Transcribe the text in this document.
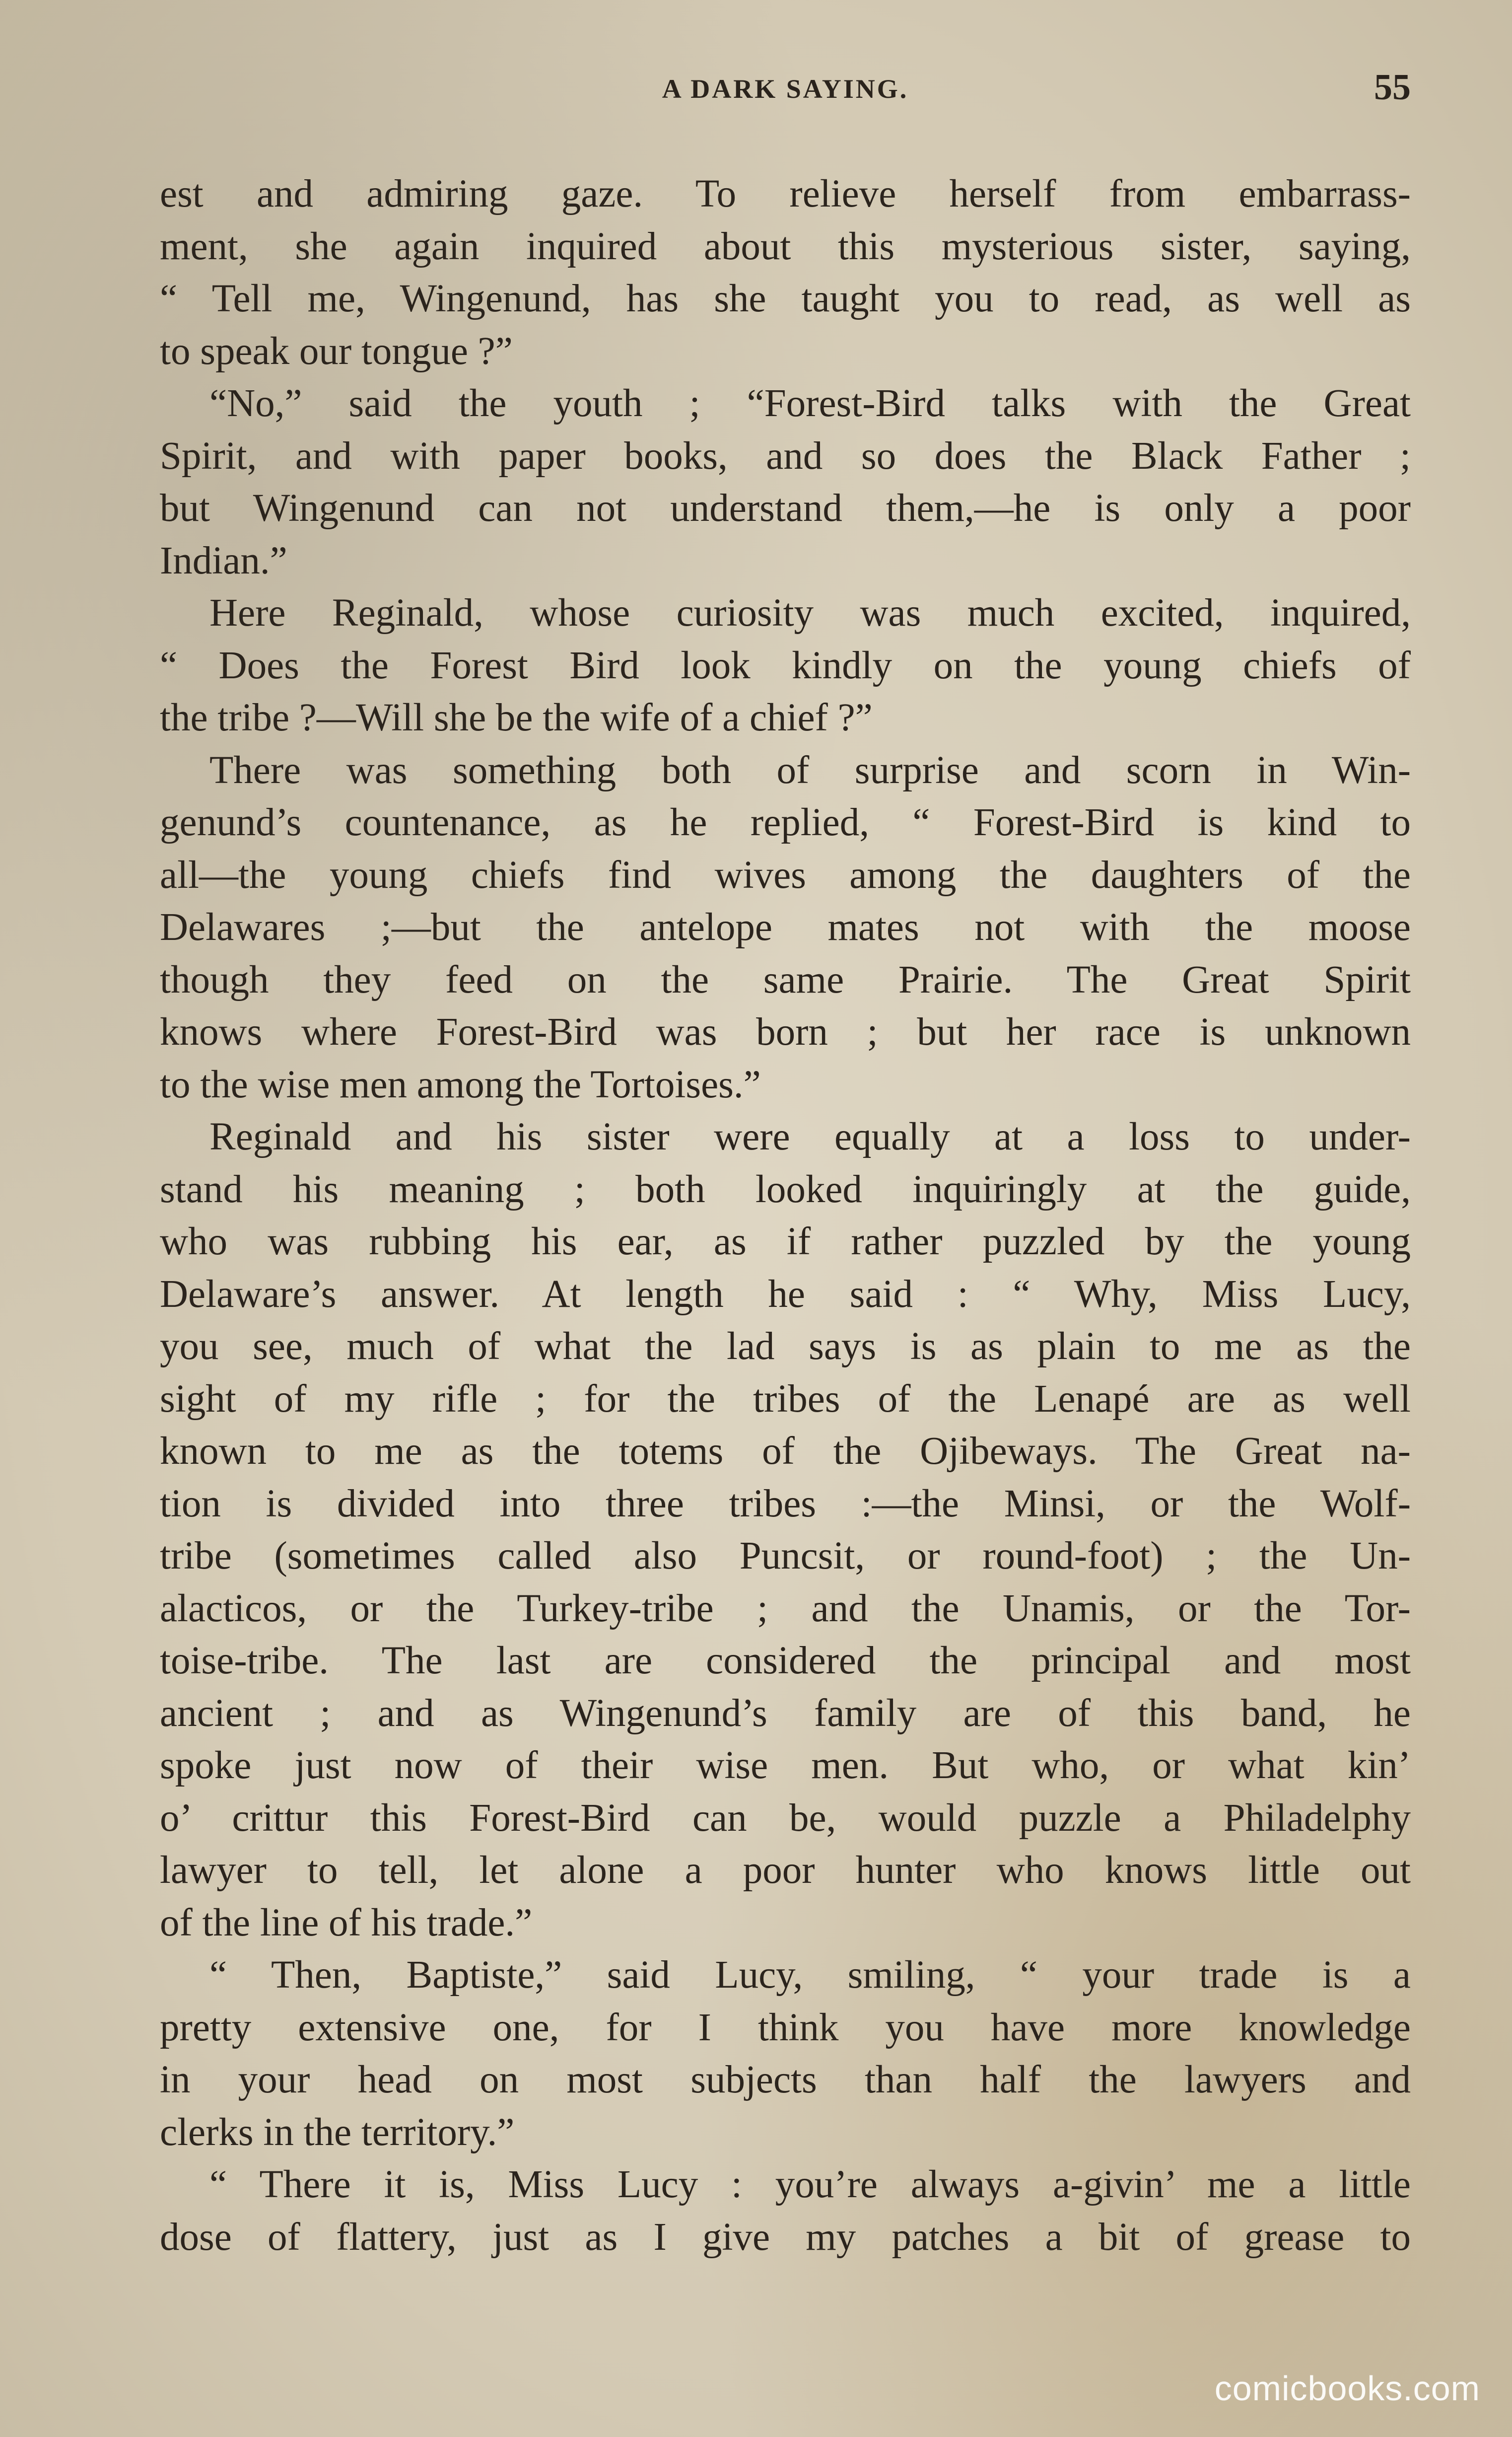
A DARK SAYING.	55
est and admiring gaze. To relieve herself from embarrass-
ment, she again inquired about this mysterious sister, saying,
“ Tell me, Wingenund, has she taught you to read, as well as
to speak our tongue ?”
“No,” said the youth ; “Forest-Bird talks with the Great
Spirit, and with paper books, and so does the Black Father ;
but Wingenund can not understand them,—he is only a poor
Indian.”
Here Reginald, whose curiosity was much excited, inquired,
“ Does the Forest Bird look kindly on the young chiefs of
the tribe ?—Will she be the wife of a chief ?”
There was something both of surprise and scorn in Win-
genund’s countenance, as he replied, “ Forest-Bird is kind to
all—the young chiefs find wives among the daughters of the
Delawares ;—but the antelope mates not with the moose
though they feed on the same Prairie. The Great Spirit
knows where Forest-Bird was born ; but her race is unknown
to the wise men among the Tortoises.”
Reginald and his sister were equally at a loss to under-
stand his meaning ; both looked inquiringly at the guide,
who was rubbing his ear, as if rather puzzled by the young
Delaware’s answer. At length he said : “ Why, Miss Lucy,
you see, much of what the lad says is as plain to me as the
sight of my rifle ; for the tribes of the Lenapé are as well
known to me as the totems of the Ojibeways. The Great na-
tion is divided into three tribes :—the Minsi, or the Wolf-
tribe (sometimes called also Puncsit, or round-foot) ; the Un-
alacticos, or the Turkey-tribe ; and the Unamis, or the Tor-
toise-tribe. The last are considered the principal and most
ancient ; and as Wingenund’s family are of this band, he
spoke just now of their wise men. But who, or what kin’
o’ crittur this Forest-Bird can be, would puzzle a Philadelphy
lawyer to tell, let alone a poor hunter who knows little out
of the line of his trade.”
“ Then, Baptiste,” said Lucy, smiling, “ your trade is a
pretty extensive one, for I think you have more knowledge
in your head on most subjects than half the lawyers and
clerks in the territory.”
“ There it is, Miss Lucy : you’re always a-givin’ me a little
dose of flattery, just as I give my patches a bit of grease to
comicbooks.com
